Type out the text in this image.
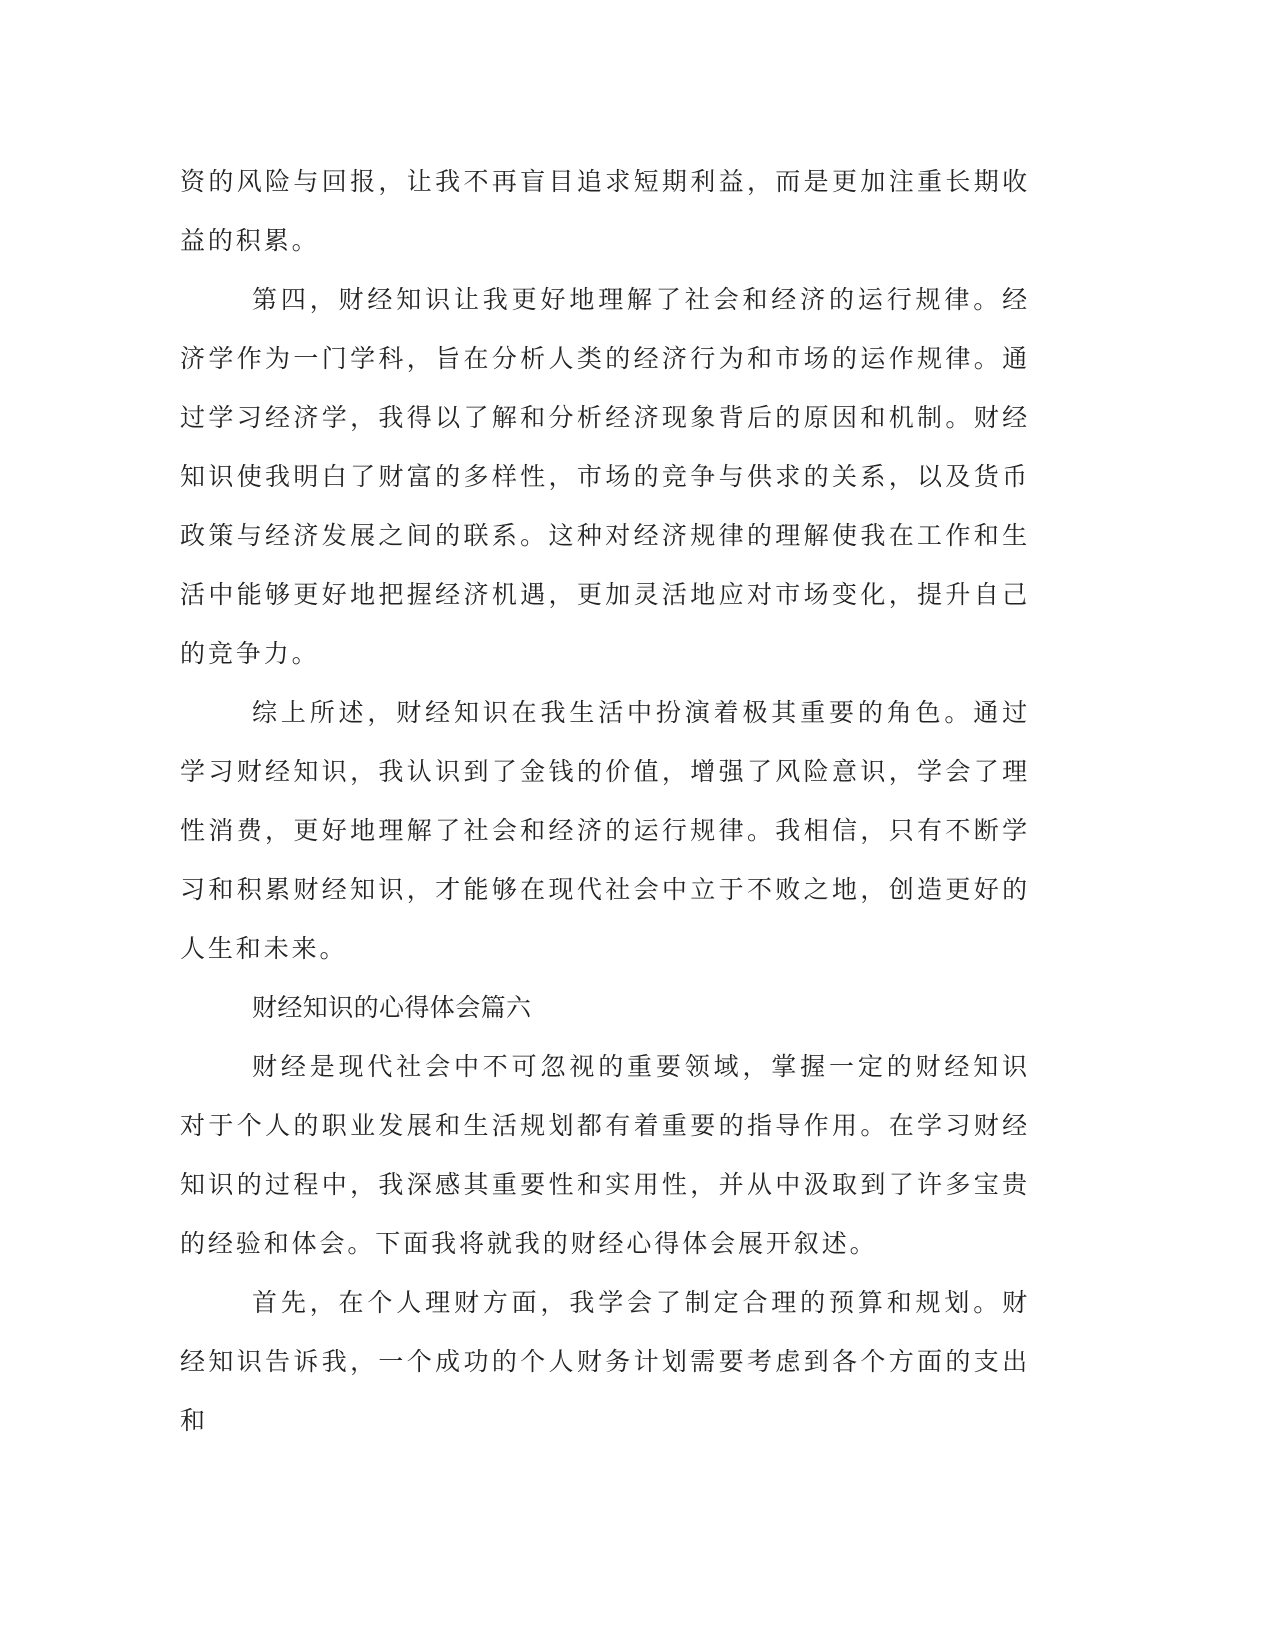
资的风险与回报，让我不再盲目追求短期利益，而是更加注重长期收益的积累。

第四，财经知识让我更好地理解了社会和经济的运行规律。经济学作为一门学科，旨在分析人类的经济行为和市场的运作规律。通过学习经济学，我得以了解和分析经济现象背后的原因和机制。财经知识使我明白了财富的多样性，市场的竞争与供求的关系，以及货币政策与经济发展之间的联系。这种对经济规律的理解使我在工作和生活中能够更好地把握经济机遇，更加灵活地应对市场变化，提升自己的竞争力。

综上所述，财经知识在我生活中扮演着极其重要的角色。通过学习财经知识，我认识到了金钱的价值，增强了风险意识，学会了理性消费，更好地理解了社会和经济的运行规律。我相信，只有不断学习和积累财经知识，才能够在现代社会中立于不败之地，创造更好的人生和未来。

财经知识的心得体会篇六

财经是现代社会中不可忽视的重要领域，掌握一定的财经知识对于个人的职业发展和生活规划都有着重要的指导作用。在学习财经知识的过程中，我深感其重要性和实用性，并从中汲取到了许多宝贵的经验和体会。下面我将就我的财经心得体会展开叙述。

首先，在个人理财方面，我学会了制定合理的预算和规划。财经知识告诉我，一个成功的个人财务计划需要考虑到各个方面的支出和
